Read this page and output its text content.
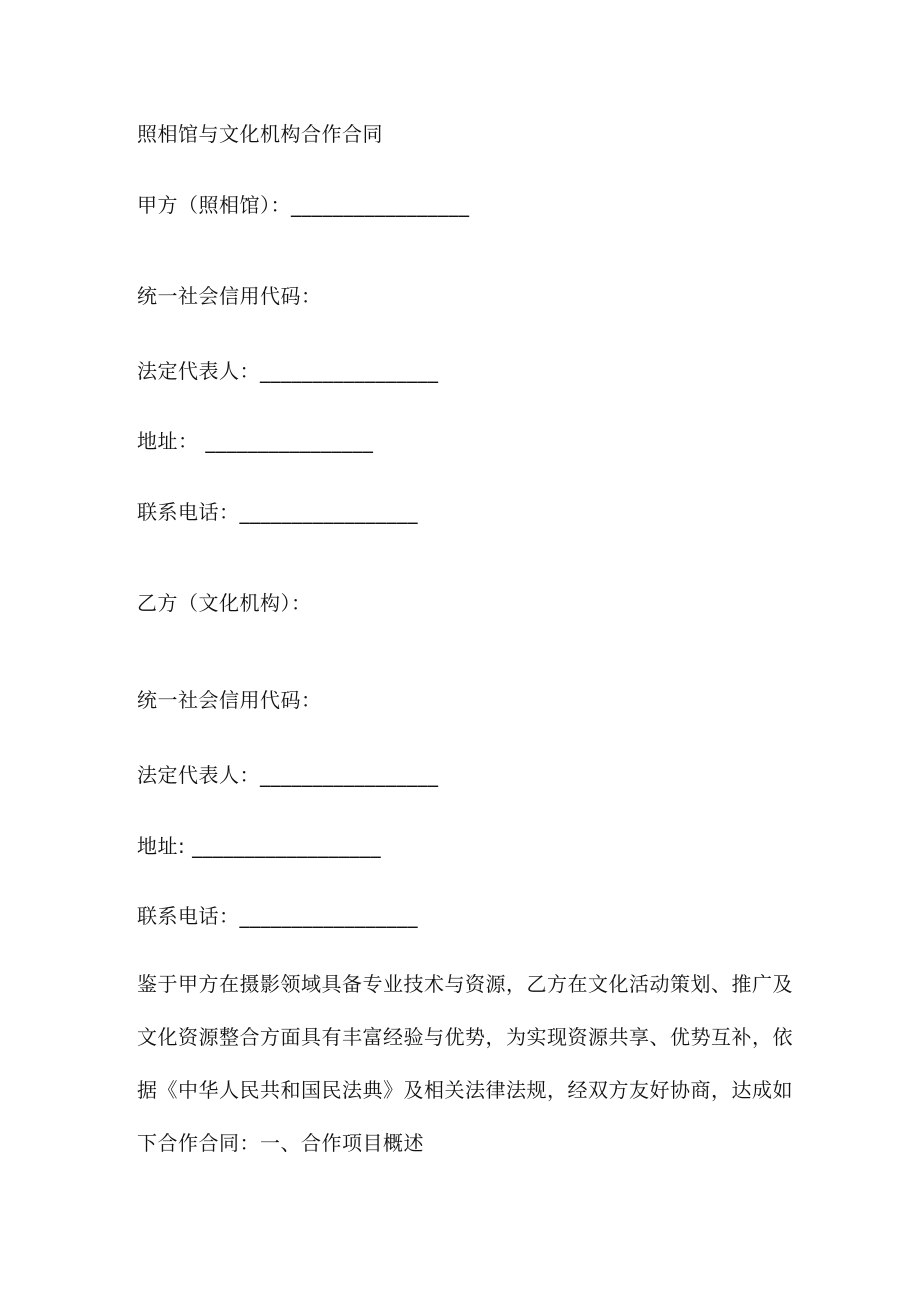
照相馆与文化机构合作合同
甲方（照相馆）：_________________
统一社会信用代码：
法定代表人：_________________
地址： ________________
联系电话：_________________
乙方（文化机构）：
统一社会信用代码：
法定代表人：_________________
地址: __________________
联系电话：_________________
鉴于甲方在摄影领域具备专业技术与资源，乙方在文化活动策划、推广及
文化资源整合方面具有丰富经验与优势，为实现资源共享、优势互补，依
据《中华人民共和国民法典》及相关法律法规，经双方友好协商，达成如
下合作合同：一、合作项目概述
